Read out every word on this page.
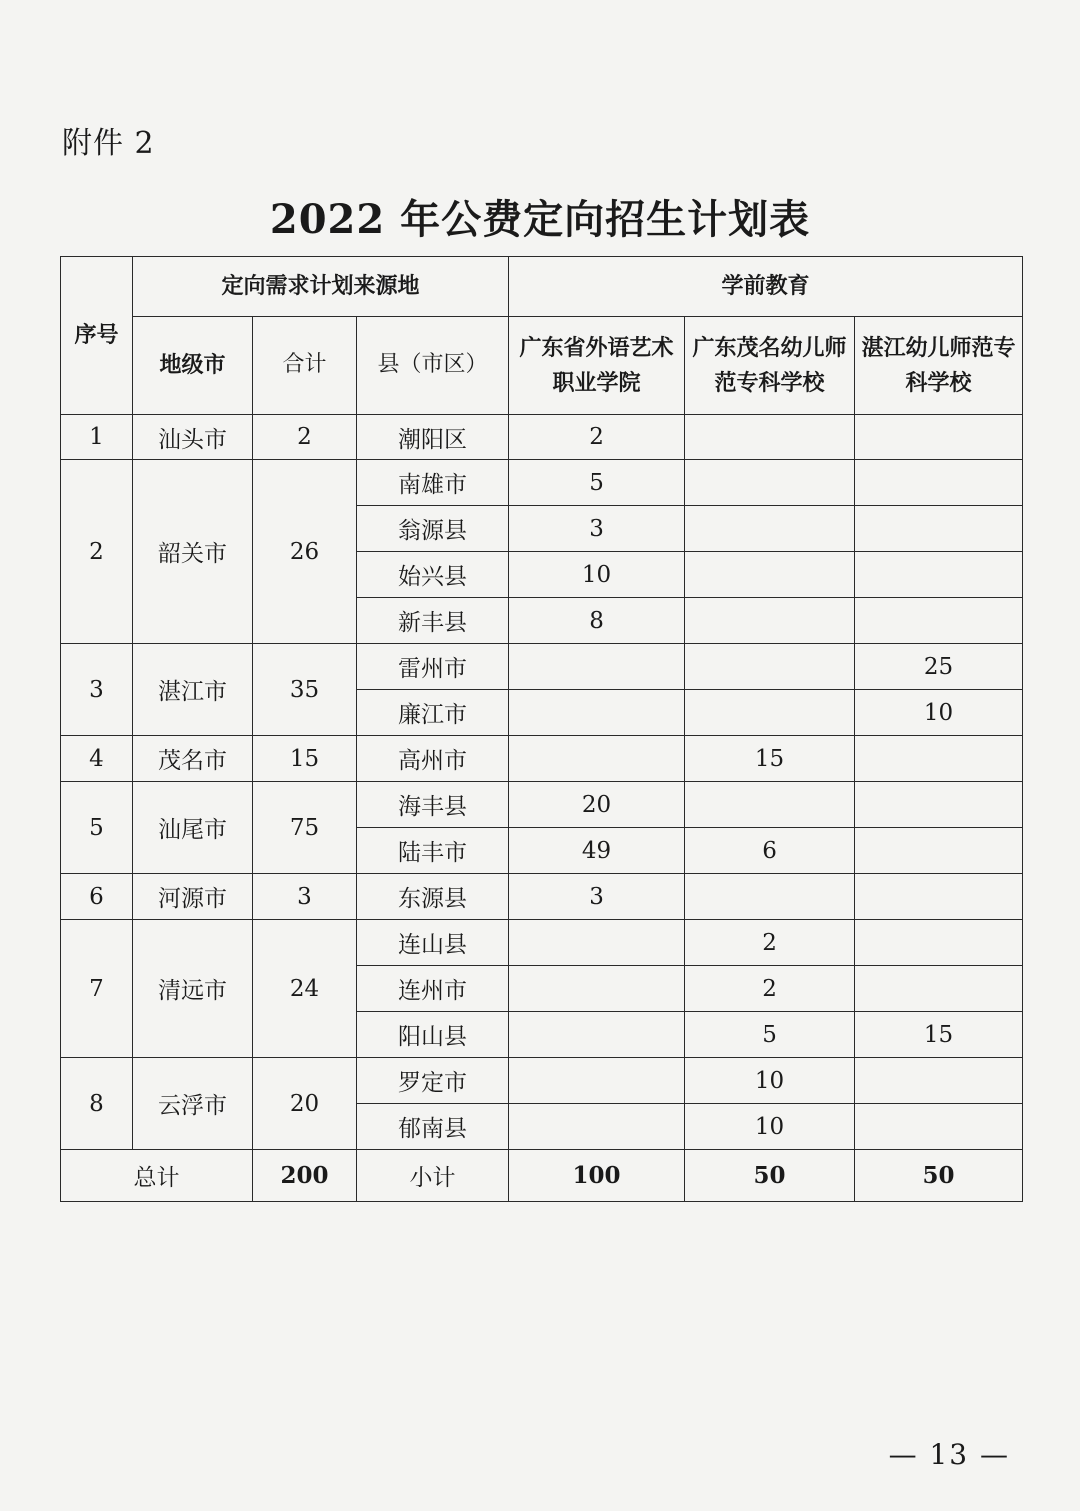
附件 2
2022 年公费定向招生计划表
序号	定向需求计划来源地			学前教育		
	地级市	合计	县（市区）	广东省外语艺术职业学院	广东茂名幼儿师范专科学校	湛江幼儿师范专科学校
1	汕头市	2	潮阳区	2		
2	韶关市	26	南雄市	5		
			翁源县	3		
			始兴县	10		
			新丰县	8		
3	湛江市	35	雷州市			25
			廉江市			10
4	茂名市	15	高州市		15	
5	汕尾市	75	海丰县	20		
			陆丰市	49	6	
6	河源市	3	东源县	3		
7	清远市	24	连山县		2	
			连州市		2	
			阳山县		5	15
8	云浮市	20	罗定市		10	
			郁南县		10	
总计		200	小计	100	50	50
— 13 —
